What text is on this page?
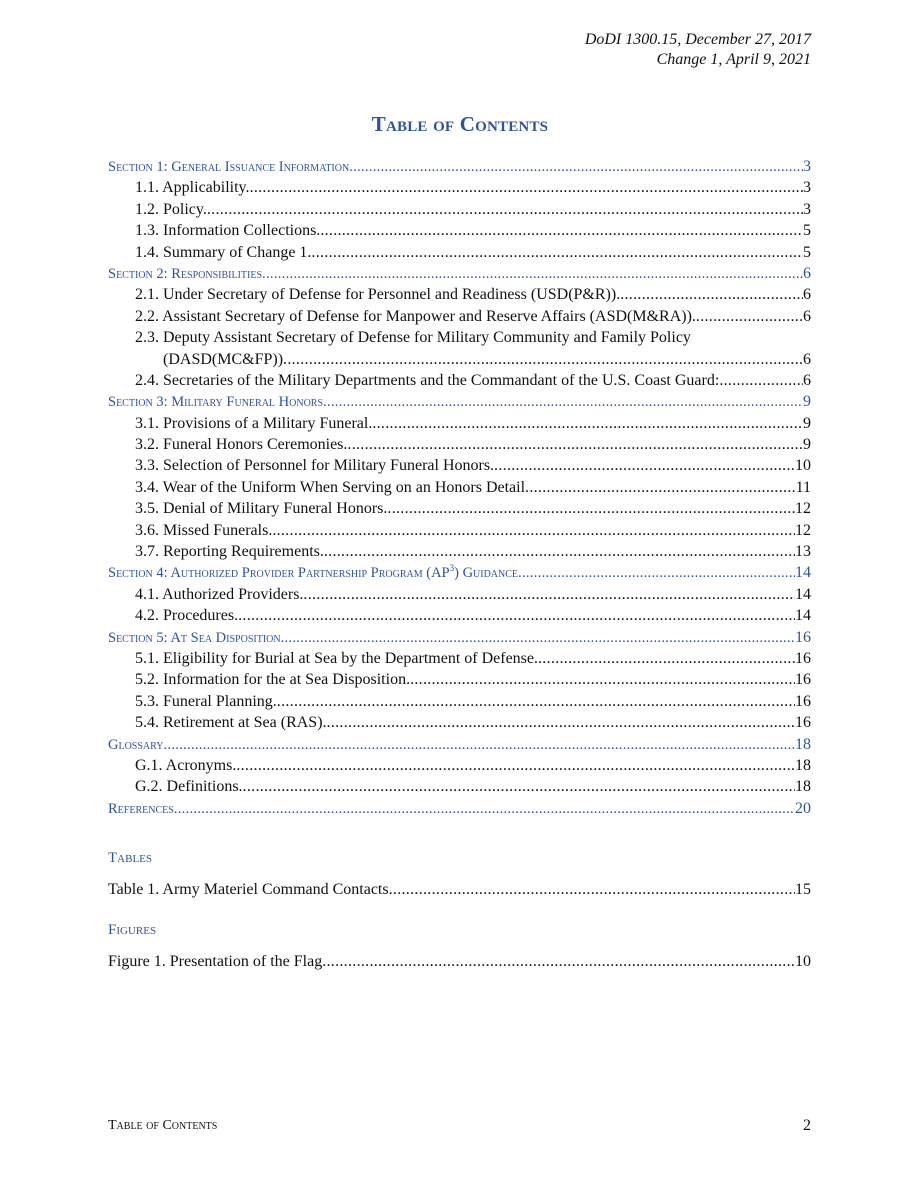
DoDI 1300.15, December 27, 2017
Change 1, April 9, 2021
Table of Contents
Section 1: General Issuance Information .....	3
1.1. Applicability. .....	3
1.2. Policy. .....	3
1.3. Information Collections. .....	5
1.4. Summary of Change 1. .....	5
Section 2: Responsibilities .....	6
2.1. Under Secretary of Defense for Personnel and Readiness (USD(P&R)). .....	6
2.2. Assistant Secretary of Defense for Manpower and Reserve Affairs (ASD(M&RA)). .....	6
2.3. Deputy Assistant Secretary of Defense for Military Community and Family Policy
(DASD(MC&FP)) .....	6
2.4. Secretaries of the Military Departments and the Commandant of the U.S. Coast Guard: .....	6
Section 3: Military Funeral Honors .....	9
3.1. Provisions of a Military Funeral. .....	9
3.2. Funeral Honors Ceremonies. .....	9
3.3. Selection of Personnel for Military Funeral Honors. .....	10
3.4. Wear of the Uniform When Serving on an Honors Detail .....	11
3.5. Denial of Military Funeral Honors. .....	12
3.6. Missed Funerals. .....	12
3.7. Reporting Requirements. .....	13
Section 4: Authorized Provider Partnership Program $(AP^3)$ Guidance .....	14
4.1. Authorized Providers. .....	14
4.2. Procedures. .....	14
Section 5: At Sea Disposition .....	16
5.1. Eligibility for Burial at Sea by the Department of Defense. .....	16
5.2. Information for the at Sea Disposition. .....	16
5.3. Funeral Planning. .....	16
5.4. Retirement at Sea (RAS). .....	16
Glossary .....	18
G.1. Acronyms. .....	18
G.2. Definitions. .....	18
References .....	20
Tables
Table 1. Army Materiel Command Contacts .....	15
Figures
Figure 1. Presentation of the Flag .....	10
Table of Contents	2
